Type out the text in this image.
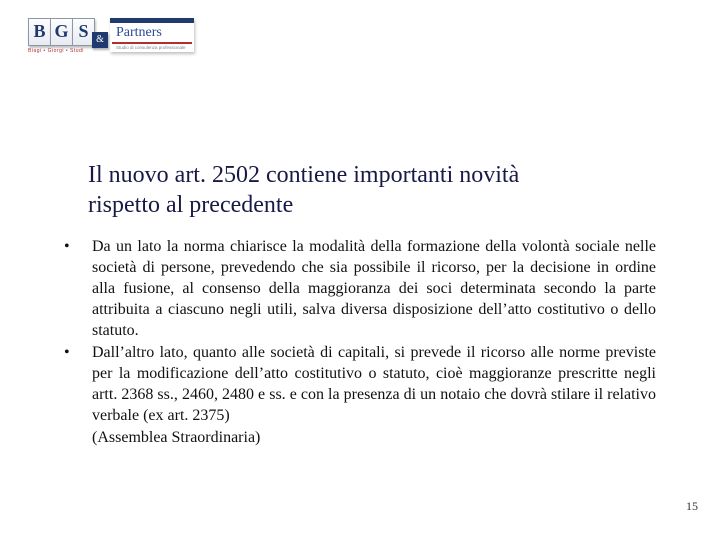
B G S
Biagi • Giorgi • Studi
& Partners
Studio di consulenza professionale
Il nuovo art. 2502 contiene importanti novità rispetto al precedente
•	Da un lato la norma chiarisce la modalità della formazione della volontà sociale nelle società di persone, prevedendo che sia possibile il ricorso, per la decisione in ordine alla fusione, al consenso della maggioranza dei soci determinata secondo la parte attribuita a ciascuno negli utili, salva diversa disposizione dell’atto costitutivo o dello statuto.
•	Dall’altro lato, quanto alle società di capitali, si prevede il ricorso alle norme previste per la modificazione dell’atto costitutivo o statuto, cioè maggioranze prescritte negli artt. 2368 ss., 2460, 2480 e ss. e con la presenza di un notaio che dovrà stilare il relativo verbale (ex art. 2375)
(Assemblea Straordinaria)
15
